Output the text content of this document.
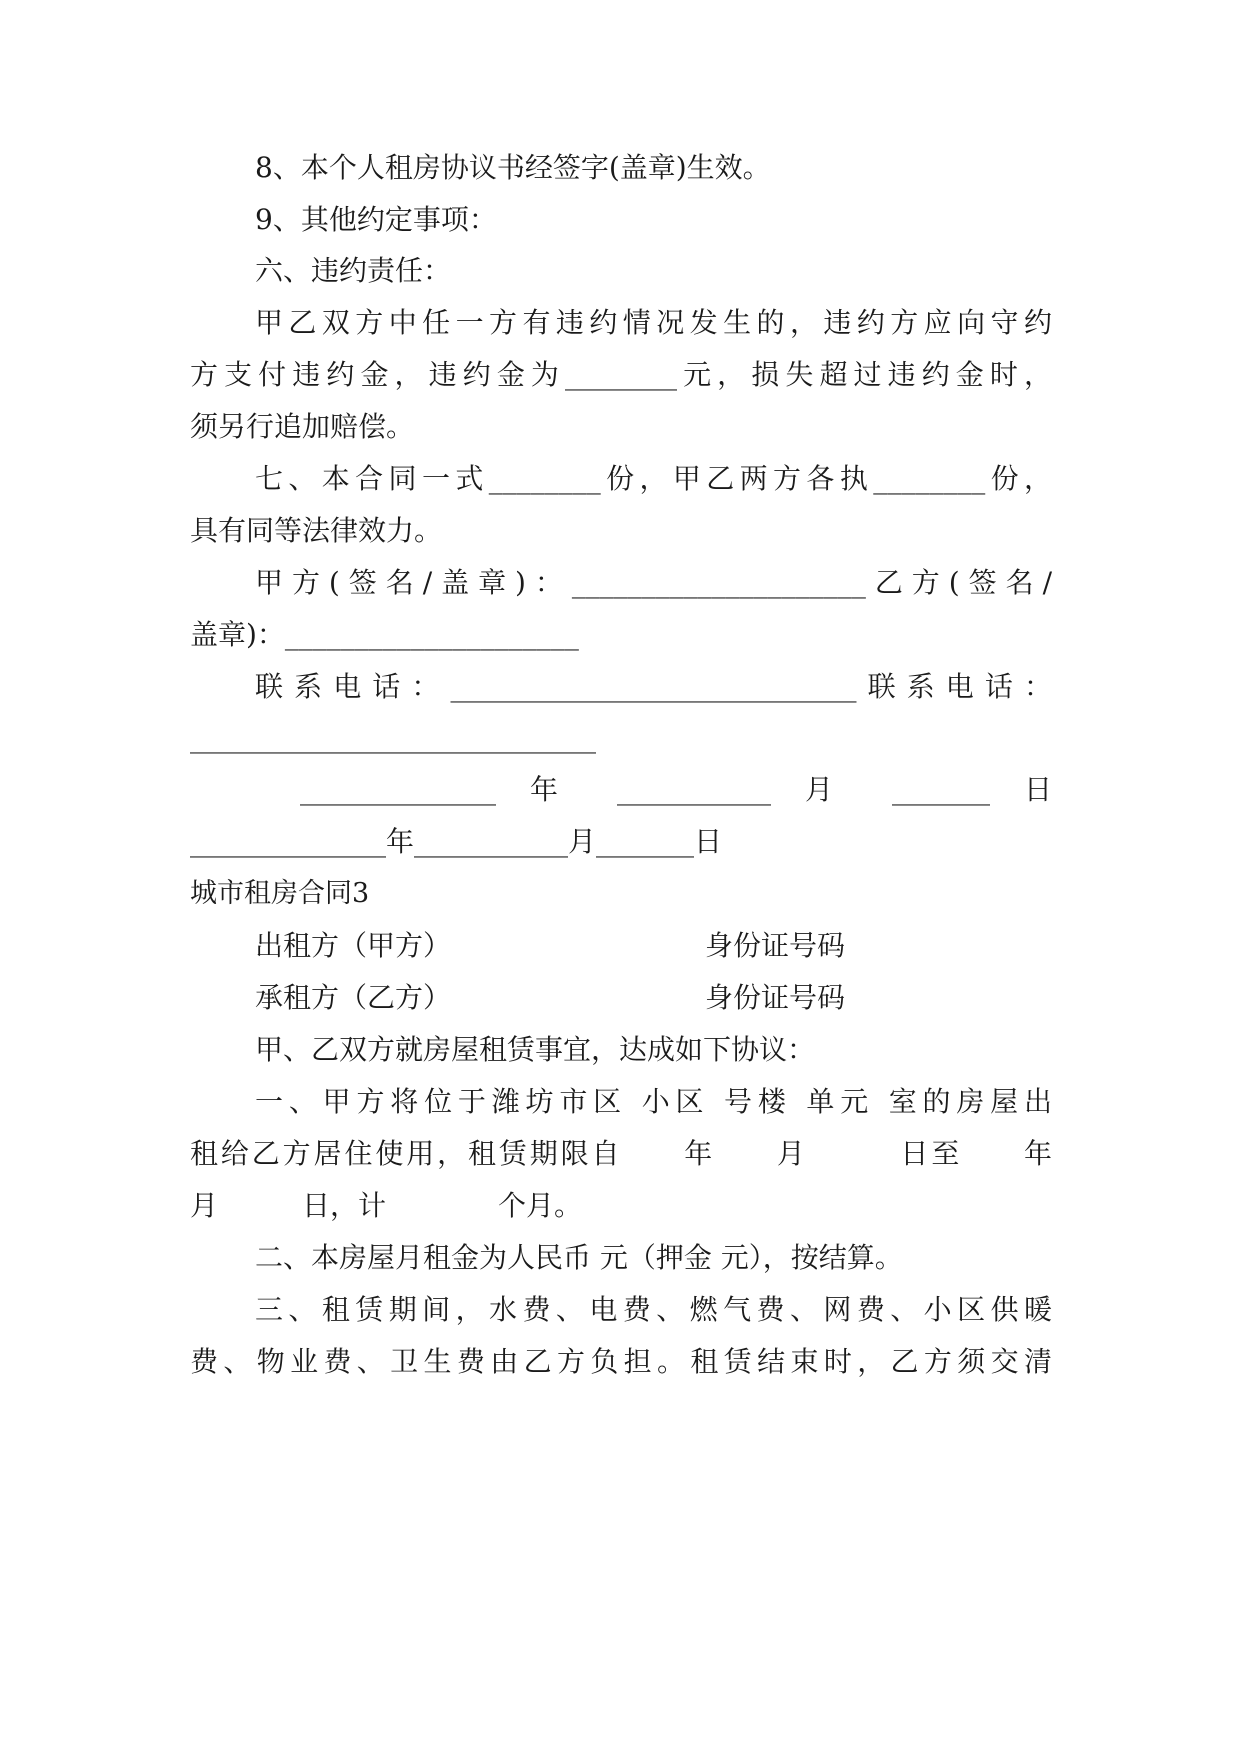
8、本个人租房协议书经签字(盖章)生效。

9、其他约定事项：

六、违约责任：

甲乙双方中任一方有违约情况发生的，违约方应向守约

方支付违约金，违约金为________元，损失超过违约金时，

须另行追加赔偿。

七、本合同一式________份，甲乙两方各执________份，

具有同等法律效力。

甲方(签名/盖章)：_____________________乙方(签名/

盖章)：_____________________

联系电话：_____________________________联系电话：

_____________________________

______________ 年 ___________ 月 _______ 日

______________年___________月_______日

城市租房合同3

出租方（甲方）	身份证号码

承租方（乙方）	身份证号码

甲、乙双方就房屋租赁事宜，达成如下协议：

一、甲方将位于潍坊市区 小区 号楼 单元 室的房屋出

租给乙方居住使用，租赁期限自　　年　　月　　　日至　　年

月　　　日，计　　　　个月。

二、本房屋月租金为人民币 元（押金 元），按结算。

三、租赁期间，水费、电费、燃气费、网费、小区供暖

费、物业费、卫生费由乙方负担。租赁结束时，乙方须交清
